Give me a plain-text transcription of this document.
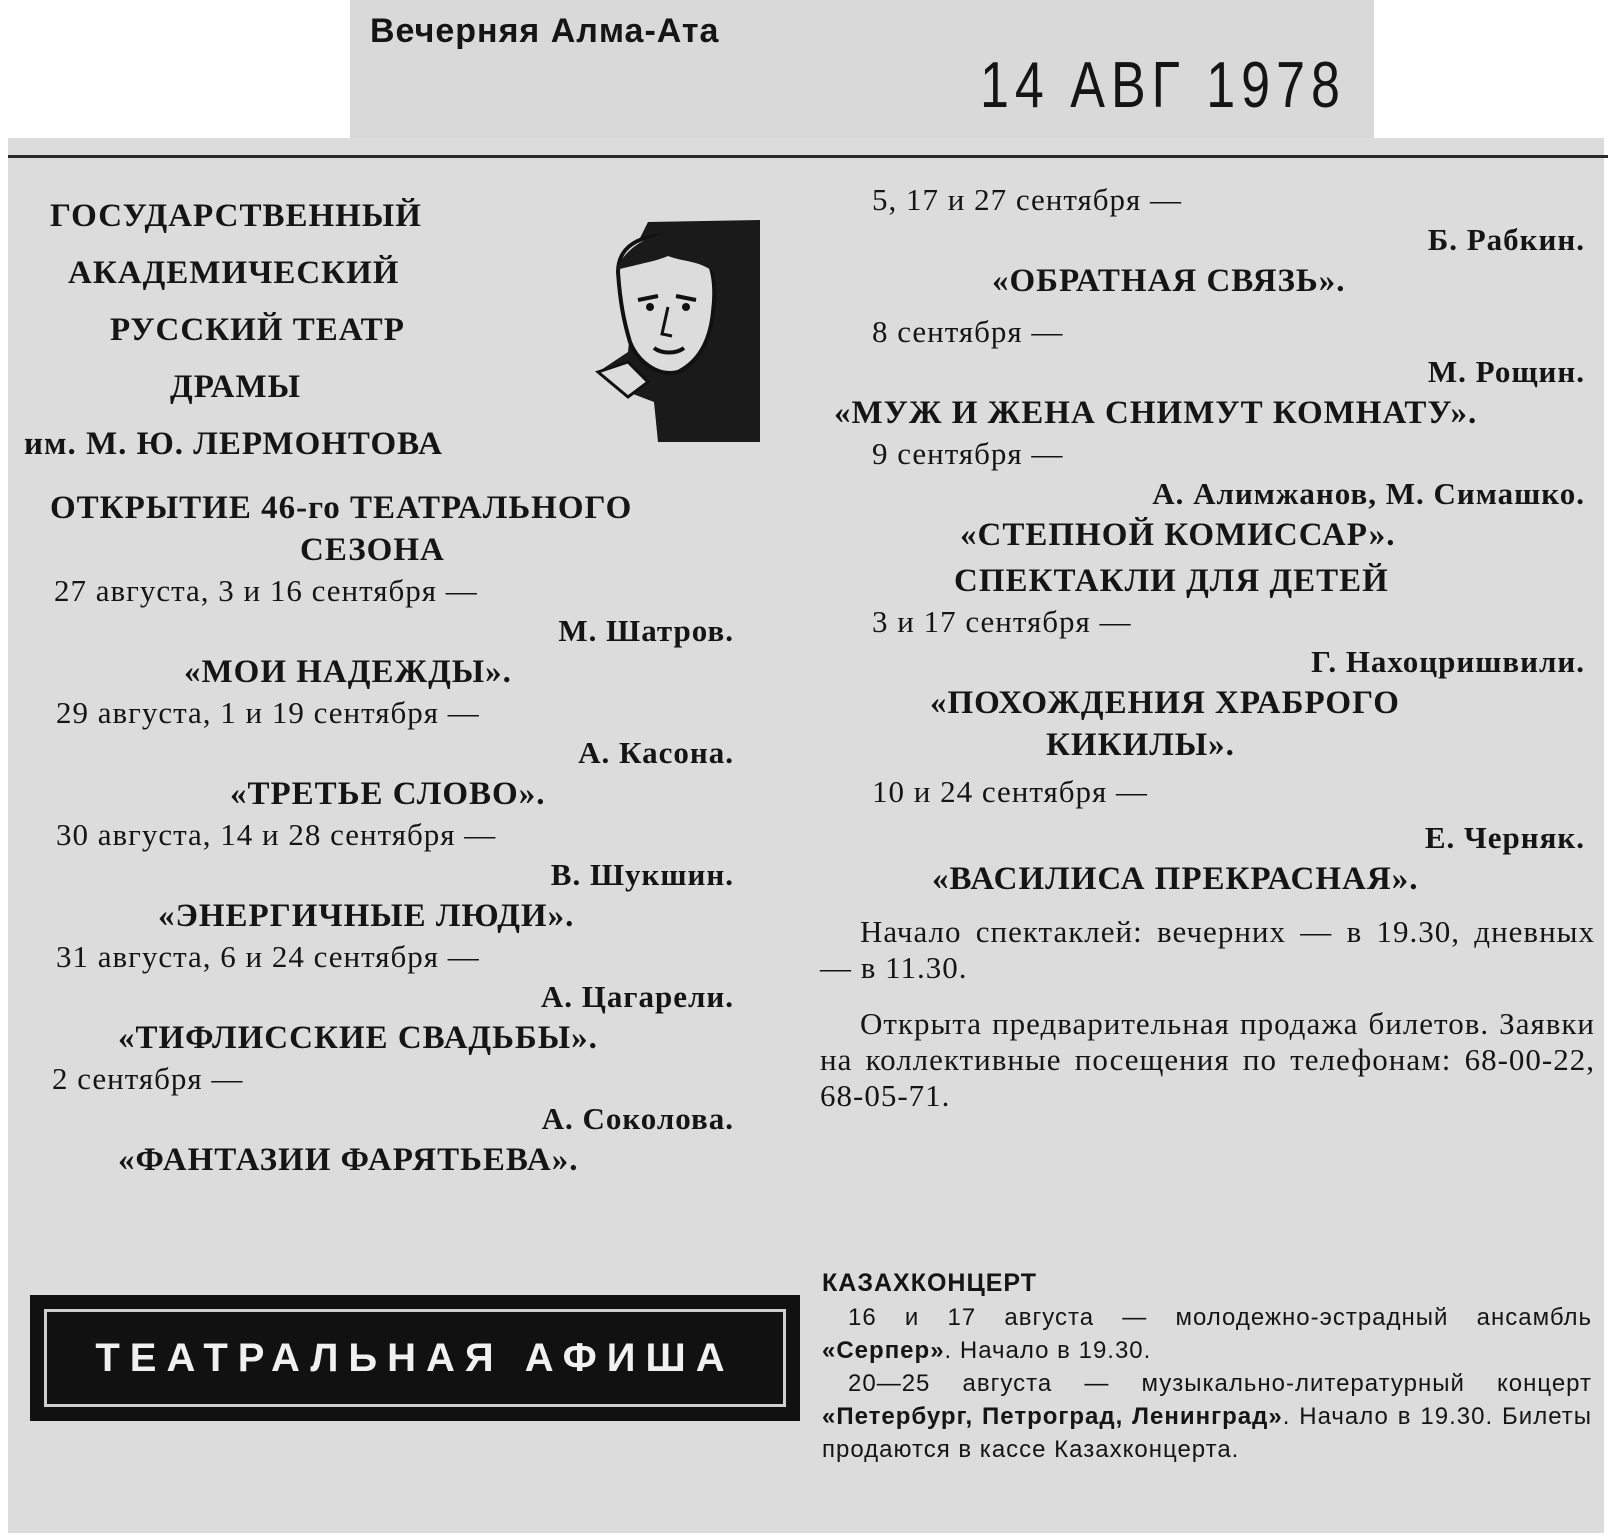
Вечерняя Алма-Ата
14 АВГ 1978
ГОСУДАРСТВЕННЫЙ
АКАДЕМИЧЕСКИЙ
РУССКИЙ ТЕАТР
ДРАМЫ
им. М. Ю. ЛЕРМОНТОВА
ОТКРЫТИЕ 46-го ТЕАТРАЛЬНОГО
СЕЗОНА
27 августа, 3 и 16 сентября —
М. Шатров.
«МОИ НАДЕЖДЫ».
29 августа, 1 и 19 сентября —
А. Касона.
«ТРЕТЬЕ СЛОВО».
30 августа, 14 и 28 сентября —
В. Шукшин.
«ЭНЕРГИЧНЫЕ ЛЮДИ».
31 августа, 6 и 24 сентября —
А. Цагарели.
«ТИФЛИССКИЕ СВАДЬБЫ».
2 сентября —
А. Соколова.
«ФАНТАЗИИ ФАРЯТЬЕВА».
5, 17 и 27 сентября —
Б. Рабкин.
«ОБРАТНАЯ СВЯЗЬ».
8 сентября —
М. Рощин.
«МУЖ И ЖЕНА СНИМУТ КОМНАТУ».
9 сентября —
А. Алимжанов, М. Симашко.
«СТЕПНОЙ КОМИССАР».
СПЕКТАКЛИ ДЛЯ ДЕТЕЙ
3 и 17 сентября —
Г. Нахоцришвили.
«ПОХОЖДЕНИЯ ХРАБРОГО
КИКИЛЫ».
10 и 24 сентября —
Е. Черняк.
«ВАСИЛИСА ПРЕКРАСНАЯ».
Начало спектаклей: вечерних — в 19.30, дневных — в 11.30.
Открыта предварительная продажа билетов. Заявки на коллективные посещения по телефонам: 68-00-22, 68-05-71.
ТЕАТРАЛЬНАЯ АФИША
КАЗАХКОНЦЕРТ
16 и 17 августа — молодежно-эстрадный ансамбль «Серпер». Начало в 19.30.
20—25 августа — музыкально-литературный концерт «Петербург, Петроград, Ленинград». Начало в 19.30. Билеты продаются в кассе Казахконцерта.
